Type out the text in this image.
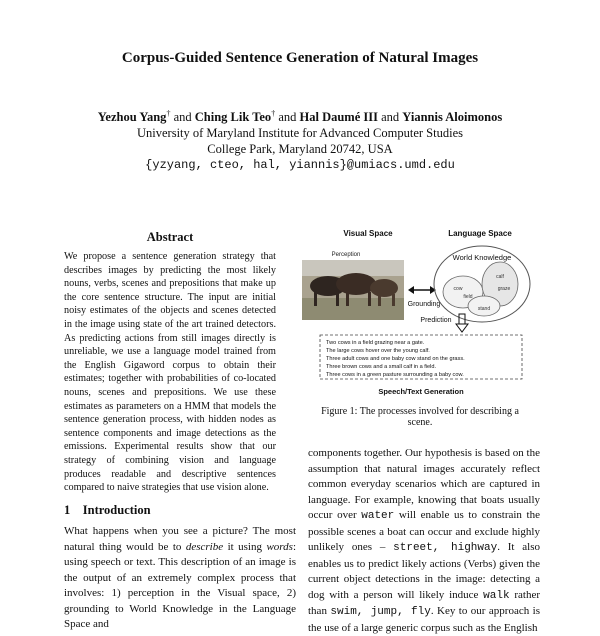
Corpus-Guided Sentence Generation of Natural Images
Yezhou Yang† and Ching Lik Teo† and Hal Daumé III and Yiannis Aloimonos
University of Maryland Institute for Advanced Computer Studies
College Park, Maryland 20742, USA
{yzyang, cteo, hal, yiannis}@umiacs.umd.edu
Abstract
We propose a sentence generation strategy that describes images by predicting the most likely nouns, verbs, scenes and prepositions that make up the core sentence structure. The input are initial noisy estimates of the objects and scenes detected in the image using state of the art trained detectors. As predicting actions from still images directly is unreliable, we use a language model trained from the English Gigaword corpus to obtain their estimates; together with probabilities of co-located nouns, scenes and prepositions. We use these estimates as parameters on a HMM that models the sentence generation process, with hidden nodes as sentence components and image detections as the emissions. Experimental results show that our strategy of combining vision and language produces readable and descriptive sentences compared to naive strategies that use vision alone.
1 Introduction
What happens when you see a picture? The most natural thing would be to describe it using words: using speech or text. This description of an image is the output of an extremely complex process that involves: 1) perception in the Visual space, 2) grounding to World Knowledge in the Language Space and
Visual Space	Language Space
Perception
Grounding
World Knowledge
cow
field
calf
graze
stand
Prediction
Two cows in a field grazing near a gate.
The large cows hover over the young calf.
Three adult cows and one baby cow stand on the grass.
Three brown cows and a small calf in a field.
Three cows in a green pasture surrounding a baby cow.
Speech/Text Generation
Figure 1: The processes involved for describing a scene.
components together. Our hypothesis is based on the assumption that natural images accurately reflect common everyday scenarios which are captured in language. For example, knowing that boats usually occur over water will enable us to constrain the possible scenes a boat can occur and exclude highly unlikely ones – street, highway. It also enables us to predict likely actions (Verbs) given the current object detections in the image: detecting a dog with a person will likely induce walk rather than swim, jump, fly. Key to our approach is the use of a large generic corpus such as the English
